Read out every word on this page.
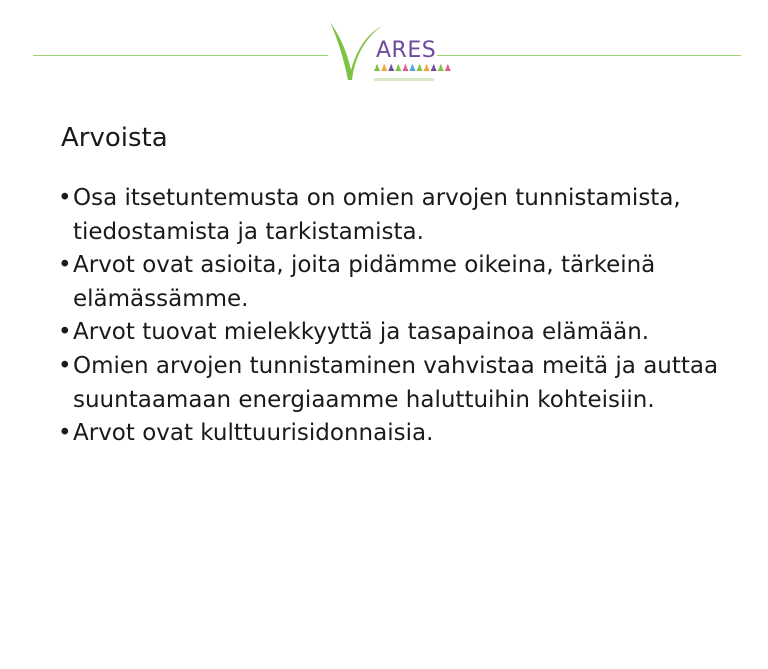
ARES
♟♟♟♟♟♟♟♟♟♟♟
Arvoista
• Osa itsetuntemusta on omien arvojen tunnistamista, tiedostamista ja tarkistamista.
• Arvot ovat asioita, joita pidämme oikeina, tärkeinä elämässämme.
• Arvot tuovat mielekkyyttä ja tasapainoa elämään.
• Omien arvojen tunnistaminen vahvistaa meitä ja auttaa suuntaamaan energiaamme haluttuihin kohteisiin.
• Arvot ovat kulttuurisidonnaisia.
